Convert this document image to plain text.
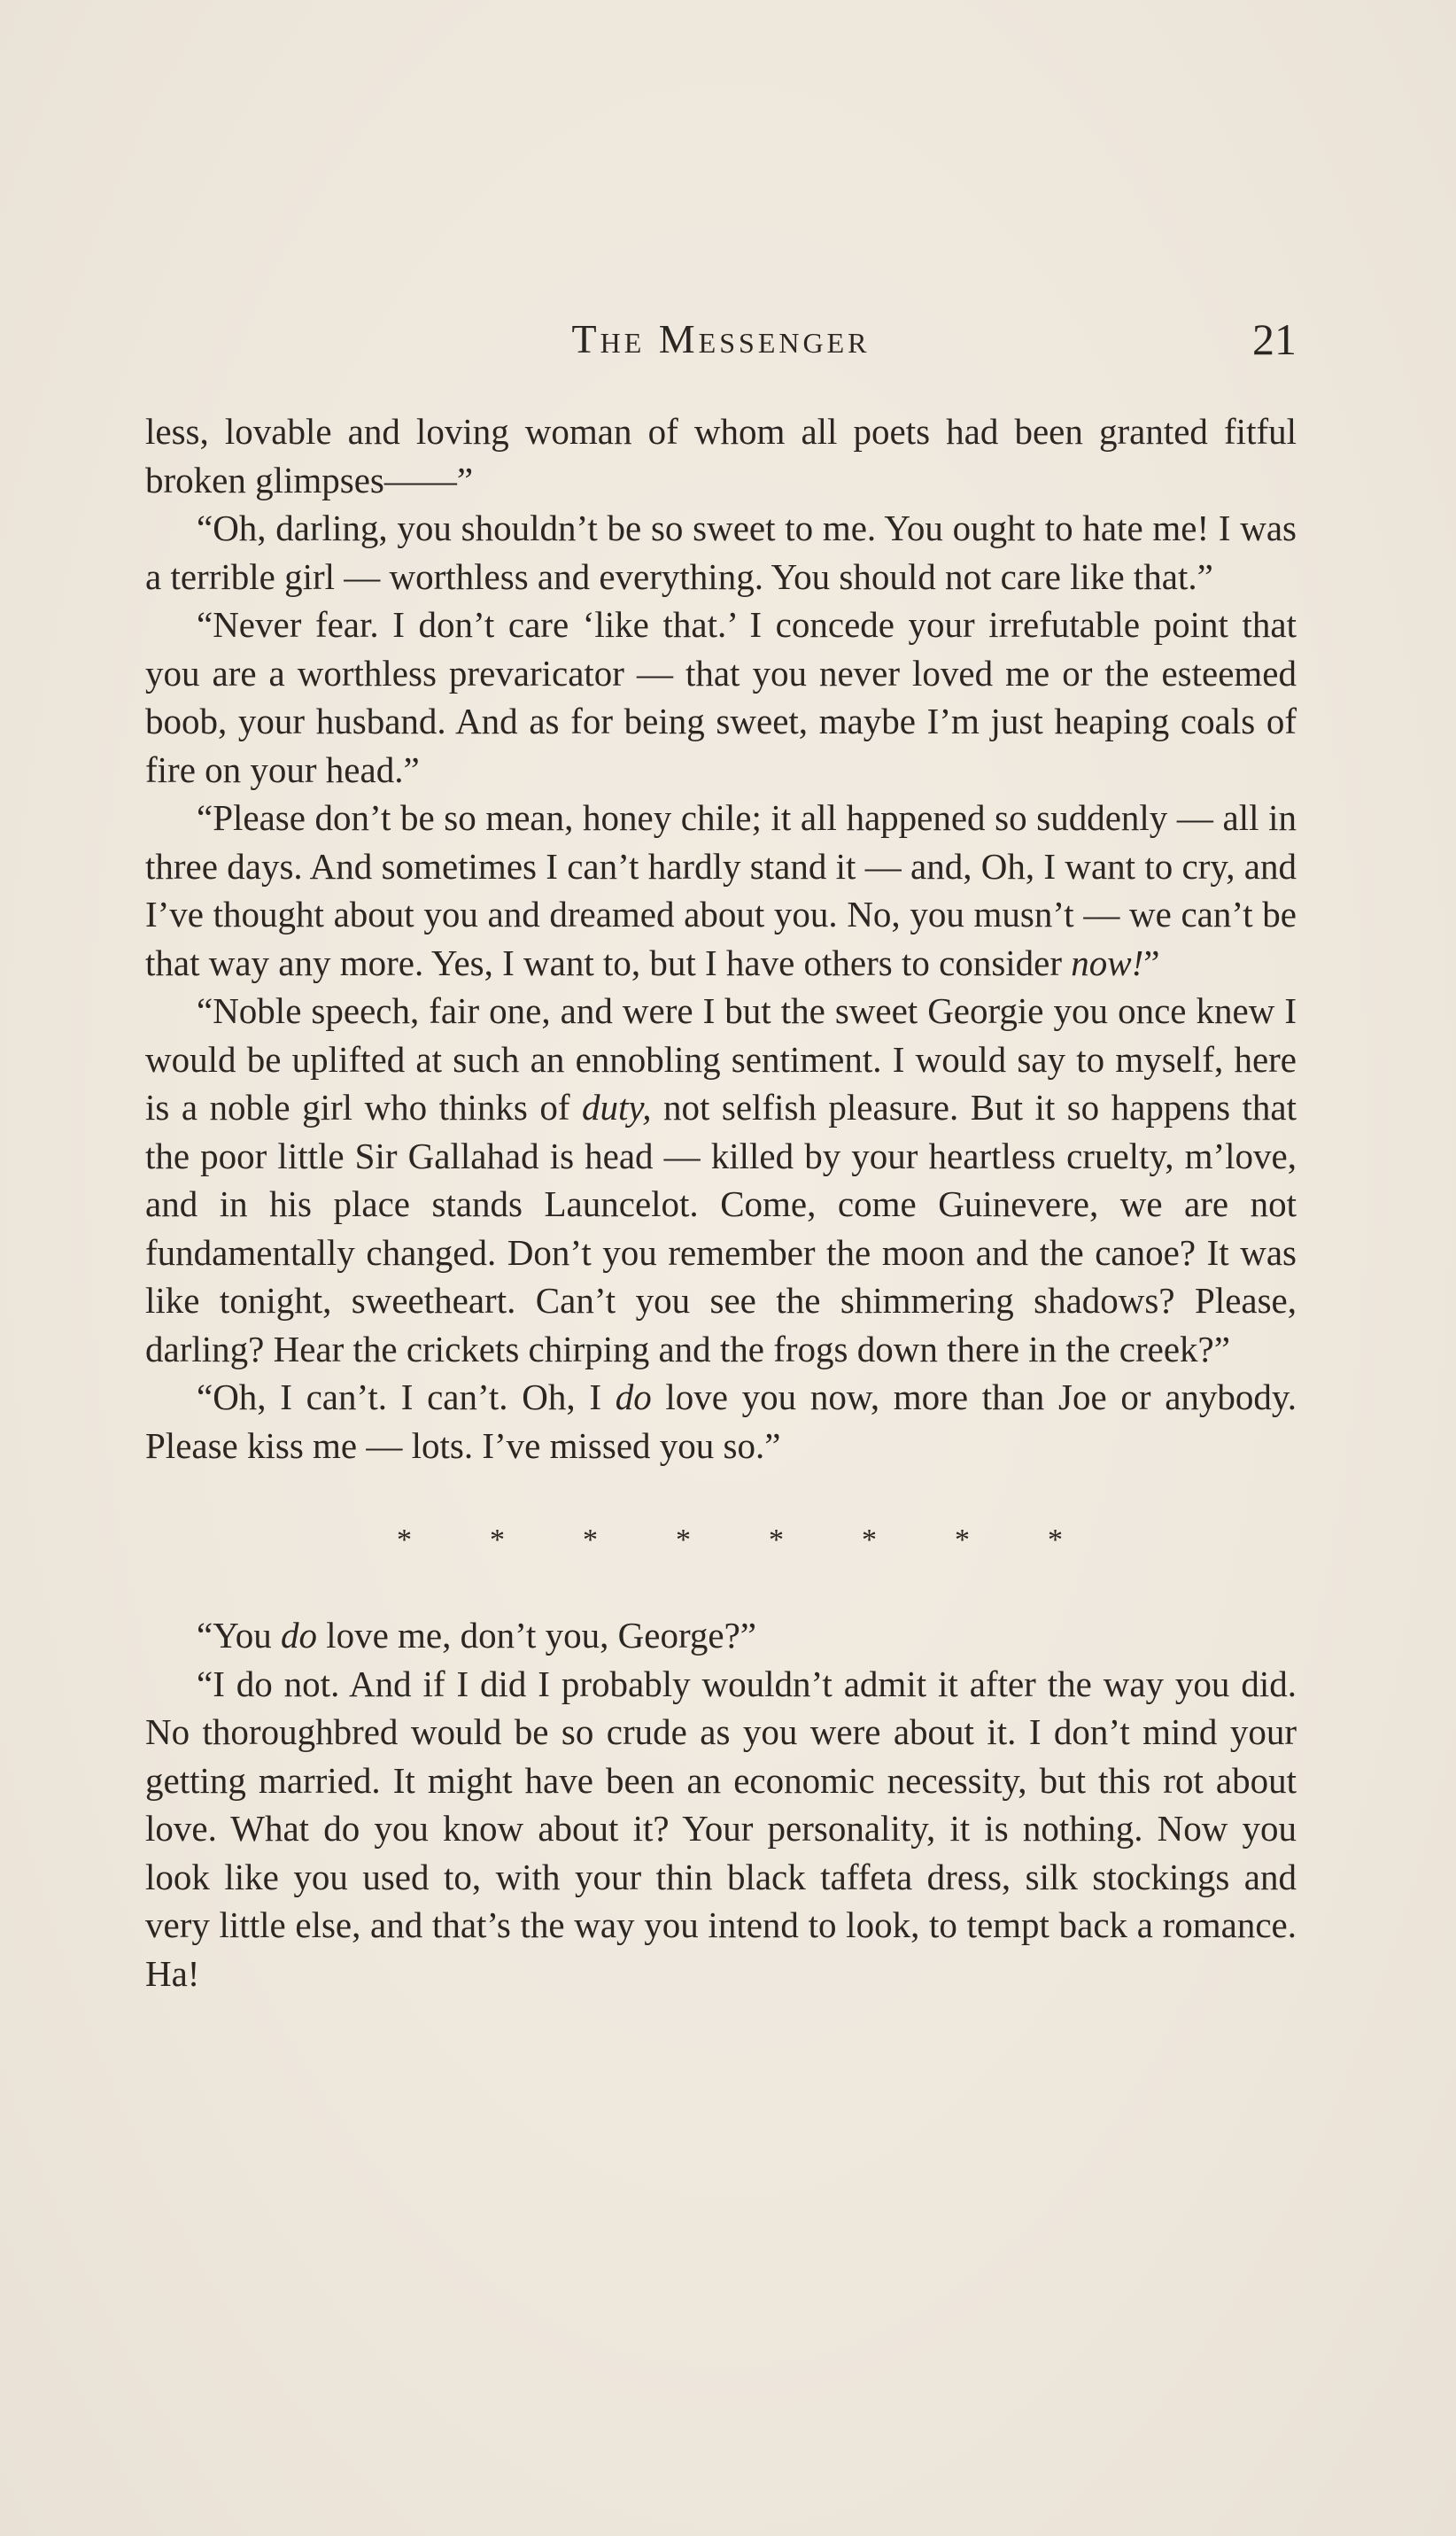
The Messenger	21

less, lovable and loving woman of whom all poets had been granted fitful broken glimpses——”

“Oh, darling, you shouldn’t be so sweet to me. You ought to hate me! I was a terrible girl — worthless and everything. You should not care like that.”

“Never fear. I don’t care ‘like that.’ I concede your irrefutable point that you are a worthless prevaricator — that you never loved me or the esteemed boob, your husband. And as for being sweet, maybe I’m just heaping coals of fire on your head.”

“Please don’t be so mean, honey chile; it all happened so suddenly — all in three days. And sometimes I can’t hardly stand it — and, Oh, I want to cry, and I’ve thought about you and dreamed about you. No, you musn’t — we can’t be that way any more. Yes, I want to, but I have others to consider now!”

“Noble speech, fair one, and were I but the sweet Georgie you once knew I would be uplifted at such an ennobling sentiment. I would say to myself, here is a noble girl who thinks of duty, not selfish pleasure. But it so happens that the poor little Sir Gallahad is head — killed by your heartless cruelty, m’love, and in his place stands Launcelot. Come, come Guinevere, we are not fundamentally changed. Don’t you remember the moon and the canoe? It was like tonight, sweetheart. Can’t you see the shimmering shadows? Please, darling? Hear the crickets chirping and the frogs down there in the creek?”

“Oh, I can’t. I can’t. Oh, I do love you now, more than Joe or anybody. Please kiss me — lots. I’ve missed you so.”

*	*	*	*	*	*	*	*

“You do love me, don’t you, George?”

“I do not. And if I did I probably wouldn’t admit it after the way you did. No thoroughbred would be so crude as you were about it. I don’t mind your getting married. It might have been an economic necessity, but this rot about love. What do you know about it? Your personality, it is nothing. Now you look like you used to, with your thin black taffeta dress, silk stockings and very little else, and that’s the way you intend to look, to tempt back a romance. Ha!
